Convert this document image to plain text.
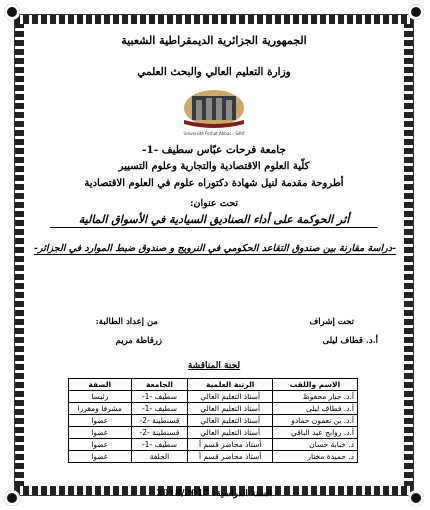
الجمهورية الجزائرية الديمقراطية الشعبية
وزارة التعليم العالي والبحث العلمي
Université Ferhat Abbas - Sétif
جامعة فرحات عبّاس سطيف -1-
كلّية العلوم الاقتصادية والتجارية وعلوم التسيير
أطروحة مقدمة لنيل شهادة دكتوراه علوم في العلوم الاقتصادية
تحت عنوان:
أثر الحوكمة على أداء الصناديق السيادية في الأسواق المالية
-دراسة مقارنة بين صندوق التقاعد الحكومي في النرويج و صندوق ضبط الموارد في الجزائر-
تحت إشراف
أ.د. قطاف ليلى
من إعداد الطالبة:
زرقاطة مريم
لجنة المناقشة
الاسم واللقب	الرتبة العلمية	الجامعة	الصفة
أ.د. جبار محفوظ	أستاذ التعليم العالي	سطيف -1-	رئيسا
أ.د. قطاف ليلى	أستاذ التعليم العالي	سطيف -1-	مشرفا ومقررا
أ.د. بن نعمون حمادو	أستاذ التعليم العالي	قسنطينة -2-	عضوا
أ.د. روابح عبد الباقي	أستاذ التعليم العالي	قسنطينة -2-	عضوا
د. خبابة حسان	أستاذ محاضر قسم أ	سطيف -1-	عضوا
د. حميدة مختار	أستاذ محاضر قسم أ	الجلفة	عضوا
السنة الدراسية: 2018/2017
